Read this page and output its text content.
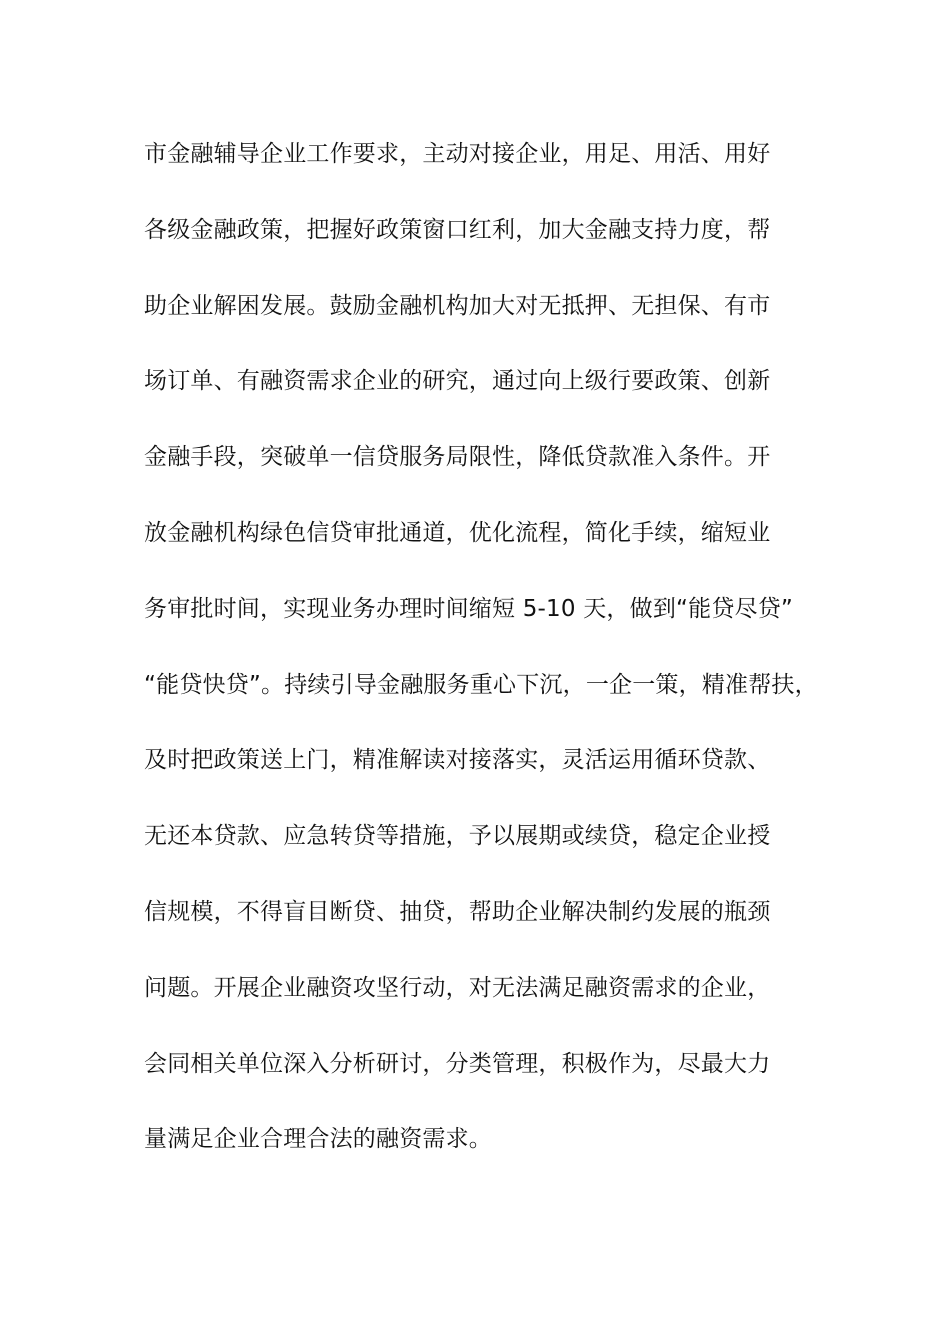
市金融辅导企业工作要求，主动对接企业，用足、用活、用好
各级金融政策，把握好政策窗口红利，加大金融支持力度，帮
助企业解困发展。鼓励金融机构加大对无抵押、无担保、有市
场订单、有融资需求企业的研究，通过向上级行要政策、创新
金融手段，突破单一信贷服务局限性，降低贷款准入条件。开
放金融机构绿色信贷审批通道，优化流程，简化手续，缩短业
务审批时间，实现业务办理时间缩短 5-10 天，做到“能贷尽贷”
“能贷快贷”。持续引导金融服务重心下沉，一企一策，精准帮扶，
及时把政策送上门，精准解读对接落实，灵活运用循环贷款、
无还本贷款、应急转贷等措施，予以展期或续贷，稳定企业授
信规模，不得盲目断贷、抽贷，帮助企业解决制约发展的瓶颈
问题。开展企业融资攻坚行动，对无法满足融资需求的企业，
会同相关单位深入分析研讨，分类管理，积极作为，尽最大力
量满足企业合理合法的融资需求。
